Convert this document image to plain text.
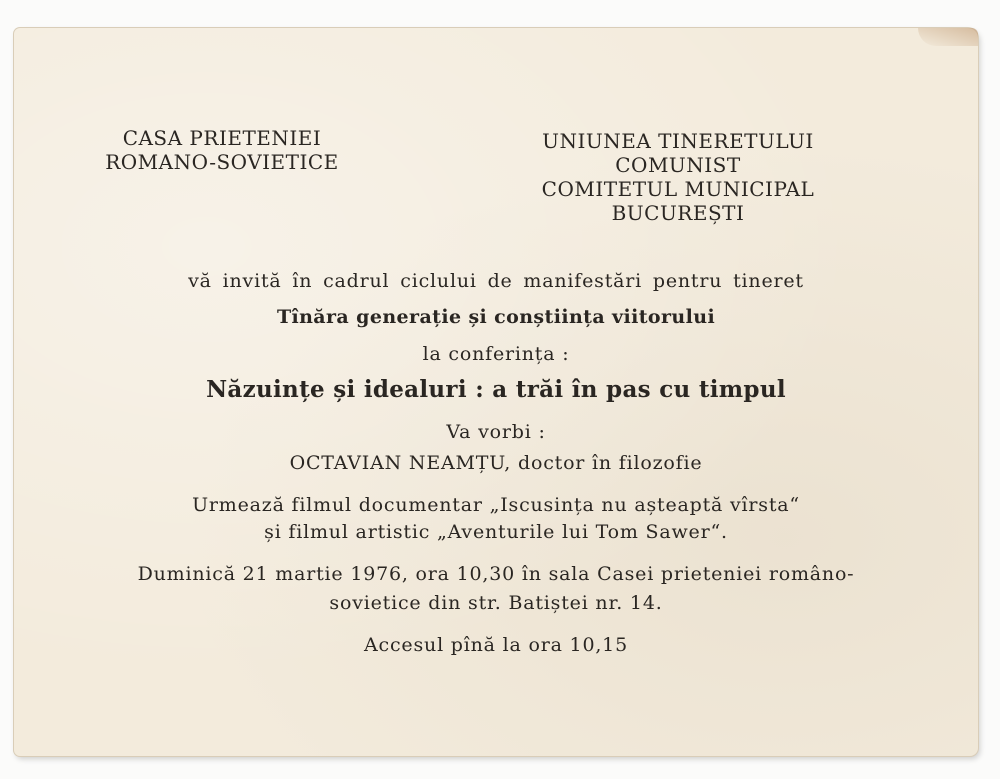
CASA PRIETENIEI
ROMANO-SOVIETICE
UNIUNEA TINERETULUI
COMUNIST
COMITETUL MUNICIPAL
BUCUREȘTI
vă invită în cadrul ciclului de manifestări pentru tineret
Tînăra generație și conștiința viitorului
la conferința :
Năzuințe și idealuri : a trăi în pas cu timpul
Va vorbi :
OCTAVIAN NEAMȚU, doctor în filozofie
Urmează filmul documentar „Iscusința nu așteaptă vîrsta“
și filmul artistic „Aventurile lui Tom Sawer“.
Duminică 21 martie 1976, ora 10,30 în sala Casei prieteniei româno-
sovietice din str. Batiștei nr. 14.
Accesul pînă la ora 10,15
